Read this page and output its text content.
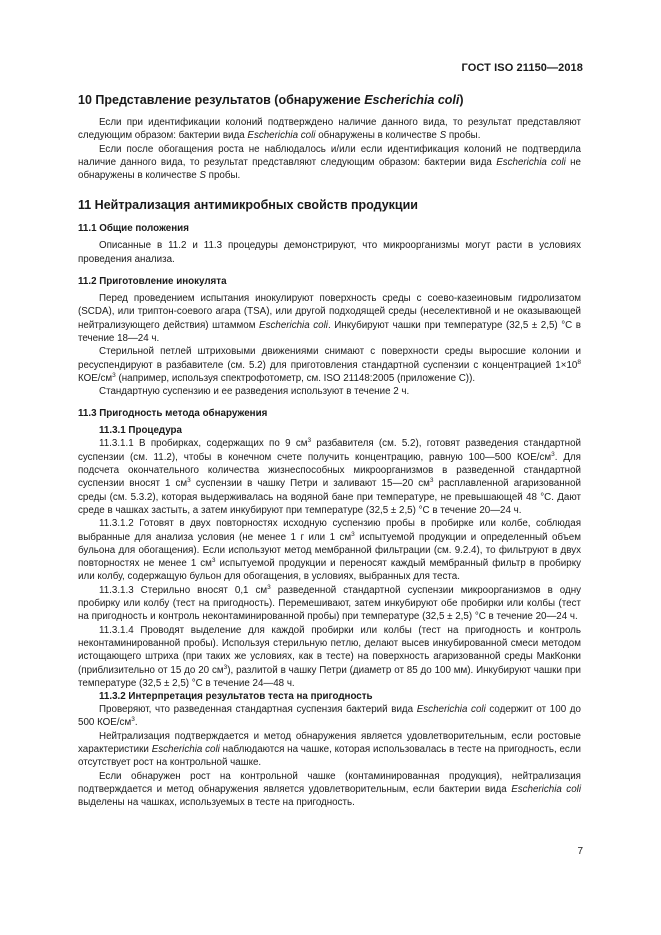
ГОСТ ISO 21150—2018
10 Представление результатов (обнаружение Escherichia coli)

Если при идентификации колоний подтверждено наличие данного вида, то результат представляют следующим образом: бактерии вида Escherichia coli обнаружены в количестве S пробы.

Если после обогащения роста не наблюдалось и/или если идентификация колоний не подтвердила наличие данного вида, то результат представляют следующим образом: бактерии вида Escherichia coli не обнаружены в количестве S пробы.

11 Нейтрализация антимикробных свойств продукции
11.1 Общие положения

Описанные в 11.2 и 11.3 процедуры демонстрируют, что микроорганизмы могут расти в условиях проведения анализа.

11.2 Приготовление инокулята

Перед проведением испытания инокулируют поверхность среды с соево-казеиновым гидролизатом (SCDA), или триптон-соевого агара (TSA), или другой подходящей среды (неселективной и не оказывающей нейтрализующего действия) штаммом Escherichia coli. Инкубируют чашки при температуре (32,5 ± 2,5) °С в течение 18—24 ч.

Стерильной петлей штриховыми движениями снимают с поверхности среды выросшие колонии и ресуспендируют в разбавителе (см. 5.2) для приготовления стандартной суспензии с концентрацией $1\times 10^8$ КОЕ/$см^3$ (например, используя спектрофотометр, см. ISO 21148:2005 (приложение С)).

Стандартную суспензию и ее разведения используют в течение 2 ч.

11.3 Пригодность метода обнаружения
11.3.1 Процедура

11.3.1.1 В пробирках, содержащих по 9 $см^3$ разбавителя (см. 5.2), готовят разведения стандартной суспензии (см. 11.2), чтобы в конечном счете получить концентрацию, равную 100—500 КОЕ/$см^3$. Для подсчета окончательного количества жизнеспособных микроорганизмов в разведенной стандартной суспензии вносят 1 $см^3$ суспензии в чашку Петри и заливают 15—20 $см^3$ расплавленной агаризованной среды (см. 5.3.2), которая выдерживалась на водяной бане при температуре, не превышающей 48 °С. Дают среде в чашках застыть, а затем инкубируют при температуре (32,5 ± 2,5) °С в течение 20—24 ч.

11.3.1.2 Готовят в двух повторностях исходную суспензию пробы в пробирке или колбе, соблюдая выбранные для анализа условия (не менее 1 г или 1 $см^3$ испытуемой продукции и определенный объем бульона для обогащения). Если используют метод мембранной фильтрации (см. 9.2.4), то фильтруют в двух повторностях не менее 1 $см^3$ испытуемой продукции и переносят каждый мембранный фильтр в пробирку или колбу, содержащую бульон для обогащения, в условиях, выбранных для теста.

11.3.1.3 Стерильно вносят 0,1 $см^3$ разведенной стандартной суспензии микроорганизмов в одну пробирку или колбу (тест на пригодность). Перемешивают, затем инкубируют обе пробирки или колбы (тест на пригодность и контроль неконтаминированной пробы) при температуре (32,5 ± 2,5) °С в течение 20—24 ч.

11.3.1.4 Проводят выделение для каждой пробирки или колбы (тест на пригодность и контроль неконтаминированной пробы). Используя стерильную петлю, делают высев инкубированной смеси методом истощающего штриха (при таких же условиях, как в тесте) на поверхность агаризованной среды МакКонки (приблизительно от 15 до 20 $см^3$), разлитой в чашку Петри (диаметр от 85 до 100 мм). Инкубируют чашки при температуре (32,5 ± 2,5) °С в течение 24—48 ч.

11.3.2 Интерпретация результатов теста на пригодность

Проверяют, что разведенная стандартная суспензия бактерий вида Escherichia coli содержит от 100 до 500 КОЕ/$см^3$.

Нейтрализация подтверждается и метод обнаружения является удовлетворительным, если ростовые характеристики Escherichia coli наблюдаются на чашке, которая использовалась в тесте на пригодность, если отсутствует рост на контрольной чашке.

Если обнаружен рост на контрольной чашке (контаминированная продукция), нейтрализация подтверждается и метод обнаружения является удовлетворительным, если бактерии вида Escherichia coli выделены на чашках, используемых в тесте на пригодность.

7
